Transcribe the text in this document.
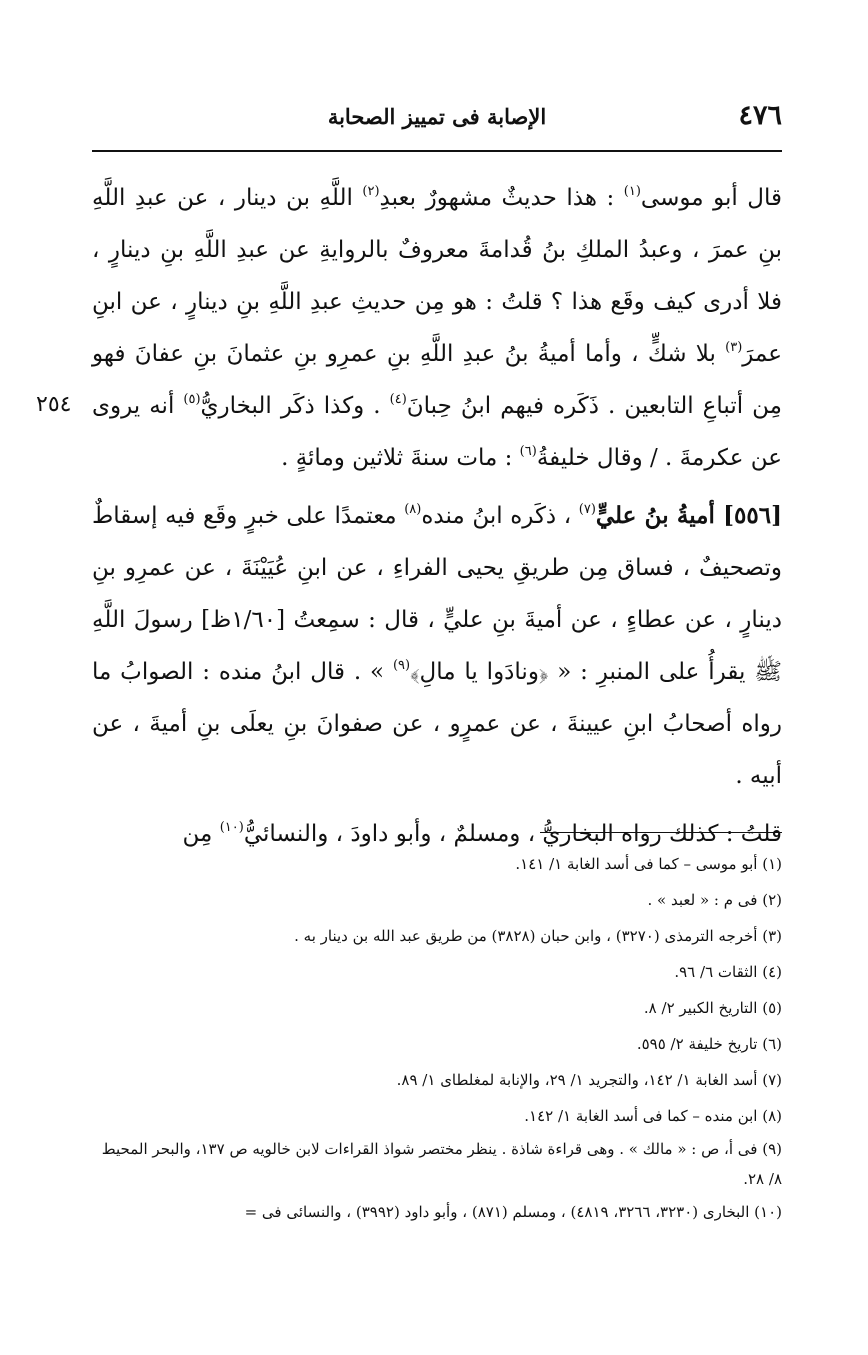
٤٧٦
الإصابة فى تمييز الصحابة
٢٥٤

قال أبو موسى$^{(١)}$ : هذا حديثٌ مشهورٌ بعبدِ$^{(٢)}$ اللَّهِ بن دينار ، عن عبدِ اللَّهِ بنِ عمرَ ، وعبدُ الملكِ بنُ قُدامةَ معروفٌ بالروايةِ عن عبدِ اللَّهِ بنِ دينارٍ ، فلا أدرى كيف وقَع هذا ؟ قلتُ : هو مِن حديثِ عبدِ اللَّهِ بنِ دينارٍ ، عن ابنِ عمرَ$^{(٣)}$ بلا شكٍّ ، وأما أميةُ بنُ عبدِ اللَّهِ بنِ عمرِو بنِ عثمانَ بنِ عفانَ فهو مِن أتباعِ التابعين . ذَكَره فيهم ابنُ حِبانَ$^{(٤)}$ . وكذا ذكَر البخاريُّ$^{(٥)}$ أنه يروى عن عكرمةَ . / وقال خليفةُ$^{(٦)}$ : مات سنةَ ثلاثين ومائةٍ .

[٥٥٦] أميةُ بنُ عليٍّ$^{(٧)}$ ، ذكَره ابنُ منده$^{(٨)}$ معتمدًا على خبرٍ وقَع فيه إسقاطٌ وتصحيفٌ ، فساق مِن طريقِ يحيى الفراءِ ، عن ابنِ عُيَيْنَةَ ، عن عمرِو بنِ دينارٍ ، عن عطاءٍ ، عن أميةَ بنِ عليٍّ ، قال : سمِعتُ [١/٦٠ظ] رسولَ اللَّهِ ﷺ يقرأُ على المنبرِ : « ﴿ونادَوا يا مالِ﴾$^{(٩)}$ » . قال ابنُ منده : الصوابُ ما رواه أصحابُ ابنِ عيينةَ ، عن عمرٍو ، عن صفوانَ بنِ يعلَى بنِ أميةَ ، عن أبيه .

قلتُ : كذلك رواه البخاريُّ ، ومسلمٌ ، وأبو داودَ ، والنسائيُّ$^{(١٠)}$ مِن

(١) أبو موسى – كما فى أسد الغابة ١/ ١٤١.
(٢) فى م : « لعبد » .
(٣) أخرجه الترمذى (٣٢٧٠) ، وابن حبان (٣٨٢٨) من طريق عبد الله بن دينار به .
(٤) الثقات ٦/ ٩٦.
(٥) التاريخ الكبير ٢/ ٨.
(٦) تاريخ خليفة ٢/ ٥٩٥.
(٧) أسد الغابة ١/ ١٤٢، والتجريد ١/ ٢٩، والإنابة لمغلطاى ١/ ٨٩.
(٨) ابن منده – كما فى أسد الغابة ١/ ١٤٢.
(٩) فى أ، ص : « مالك » . وهى قراءة شاذة . ينظر مختصر شواذ القراءات لابن خالويه ص ١٣٧، والبحر المحيط ٨/ ٢٨.
(١٠) البخارى (٣٢٣٠، ٣٢٦٦، ٤٨١٩) ، ومسلم (٨٧١) ، وأبو داود (٣٩٩٢) ، والنسائى فى =
